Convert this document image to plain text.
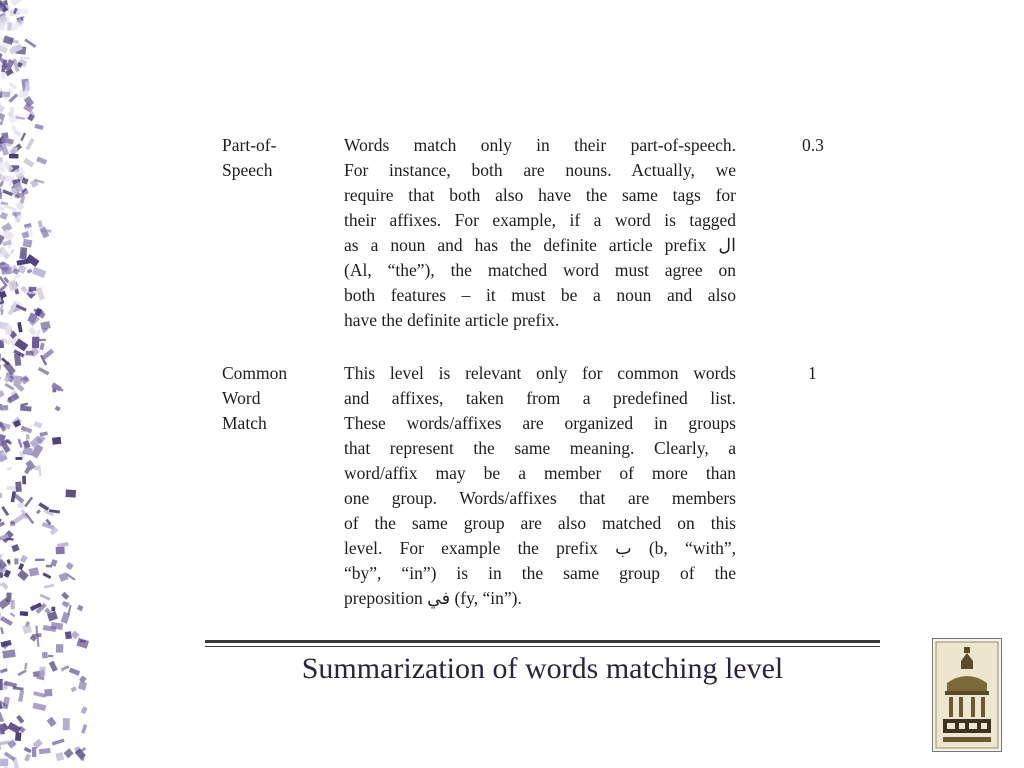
Part-of-
Speech
Words match only in their part-of-speech.
For instance, both are nouns. Actually, we
require that both also have the same tags for
their affixes. For example, if a word is tagged
as a noun and has the definite article prefix ال
(Al, “the”), the matched word must agree on
both features – it must be a noun and also
have the definite article prefix.
0.3
Common
Word
Match
This level is relevant only for common words
and affixes, taken from a predefined list.
These words/affixes are organized in groups
that represent the same meaning. Clearly, a
word/affix may be a member of more than
one group. Words/affixes that are members
of the same group are also matched on this
level. For example the prefix ب (b, “with”,
“by”, “in”) is in the same group of the
preposition في (fy, “in”).
1
Summarization of words matching level
